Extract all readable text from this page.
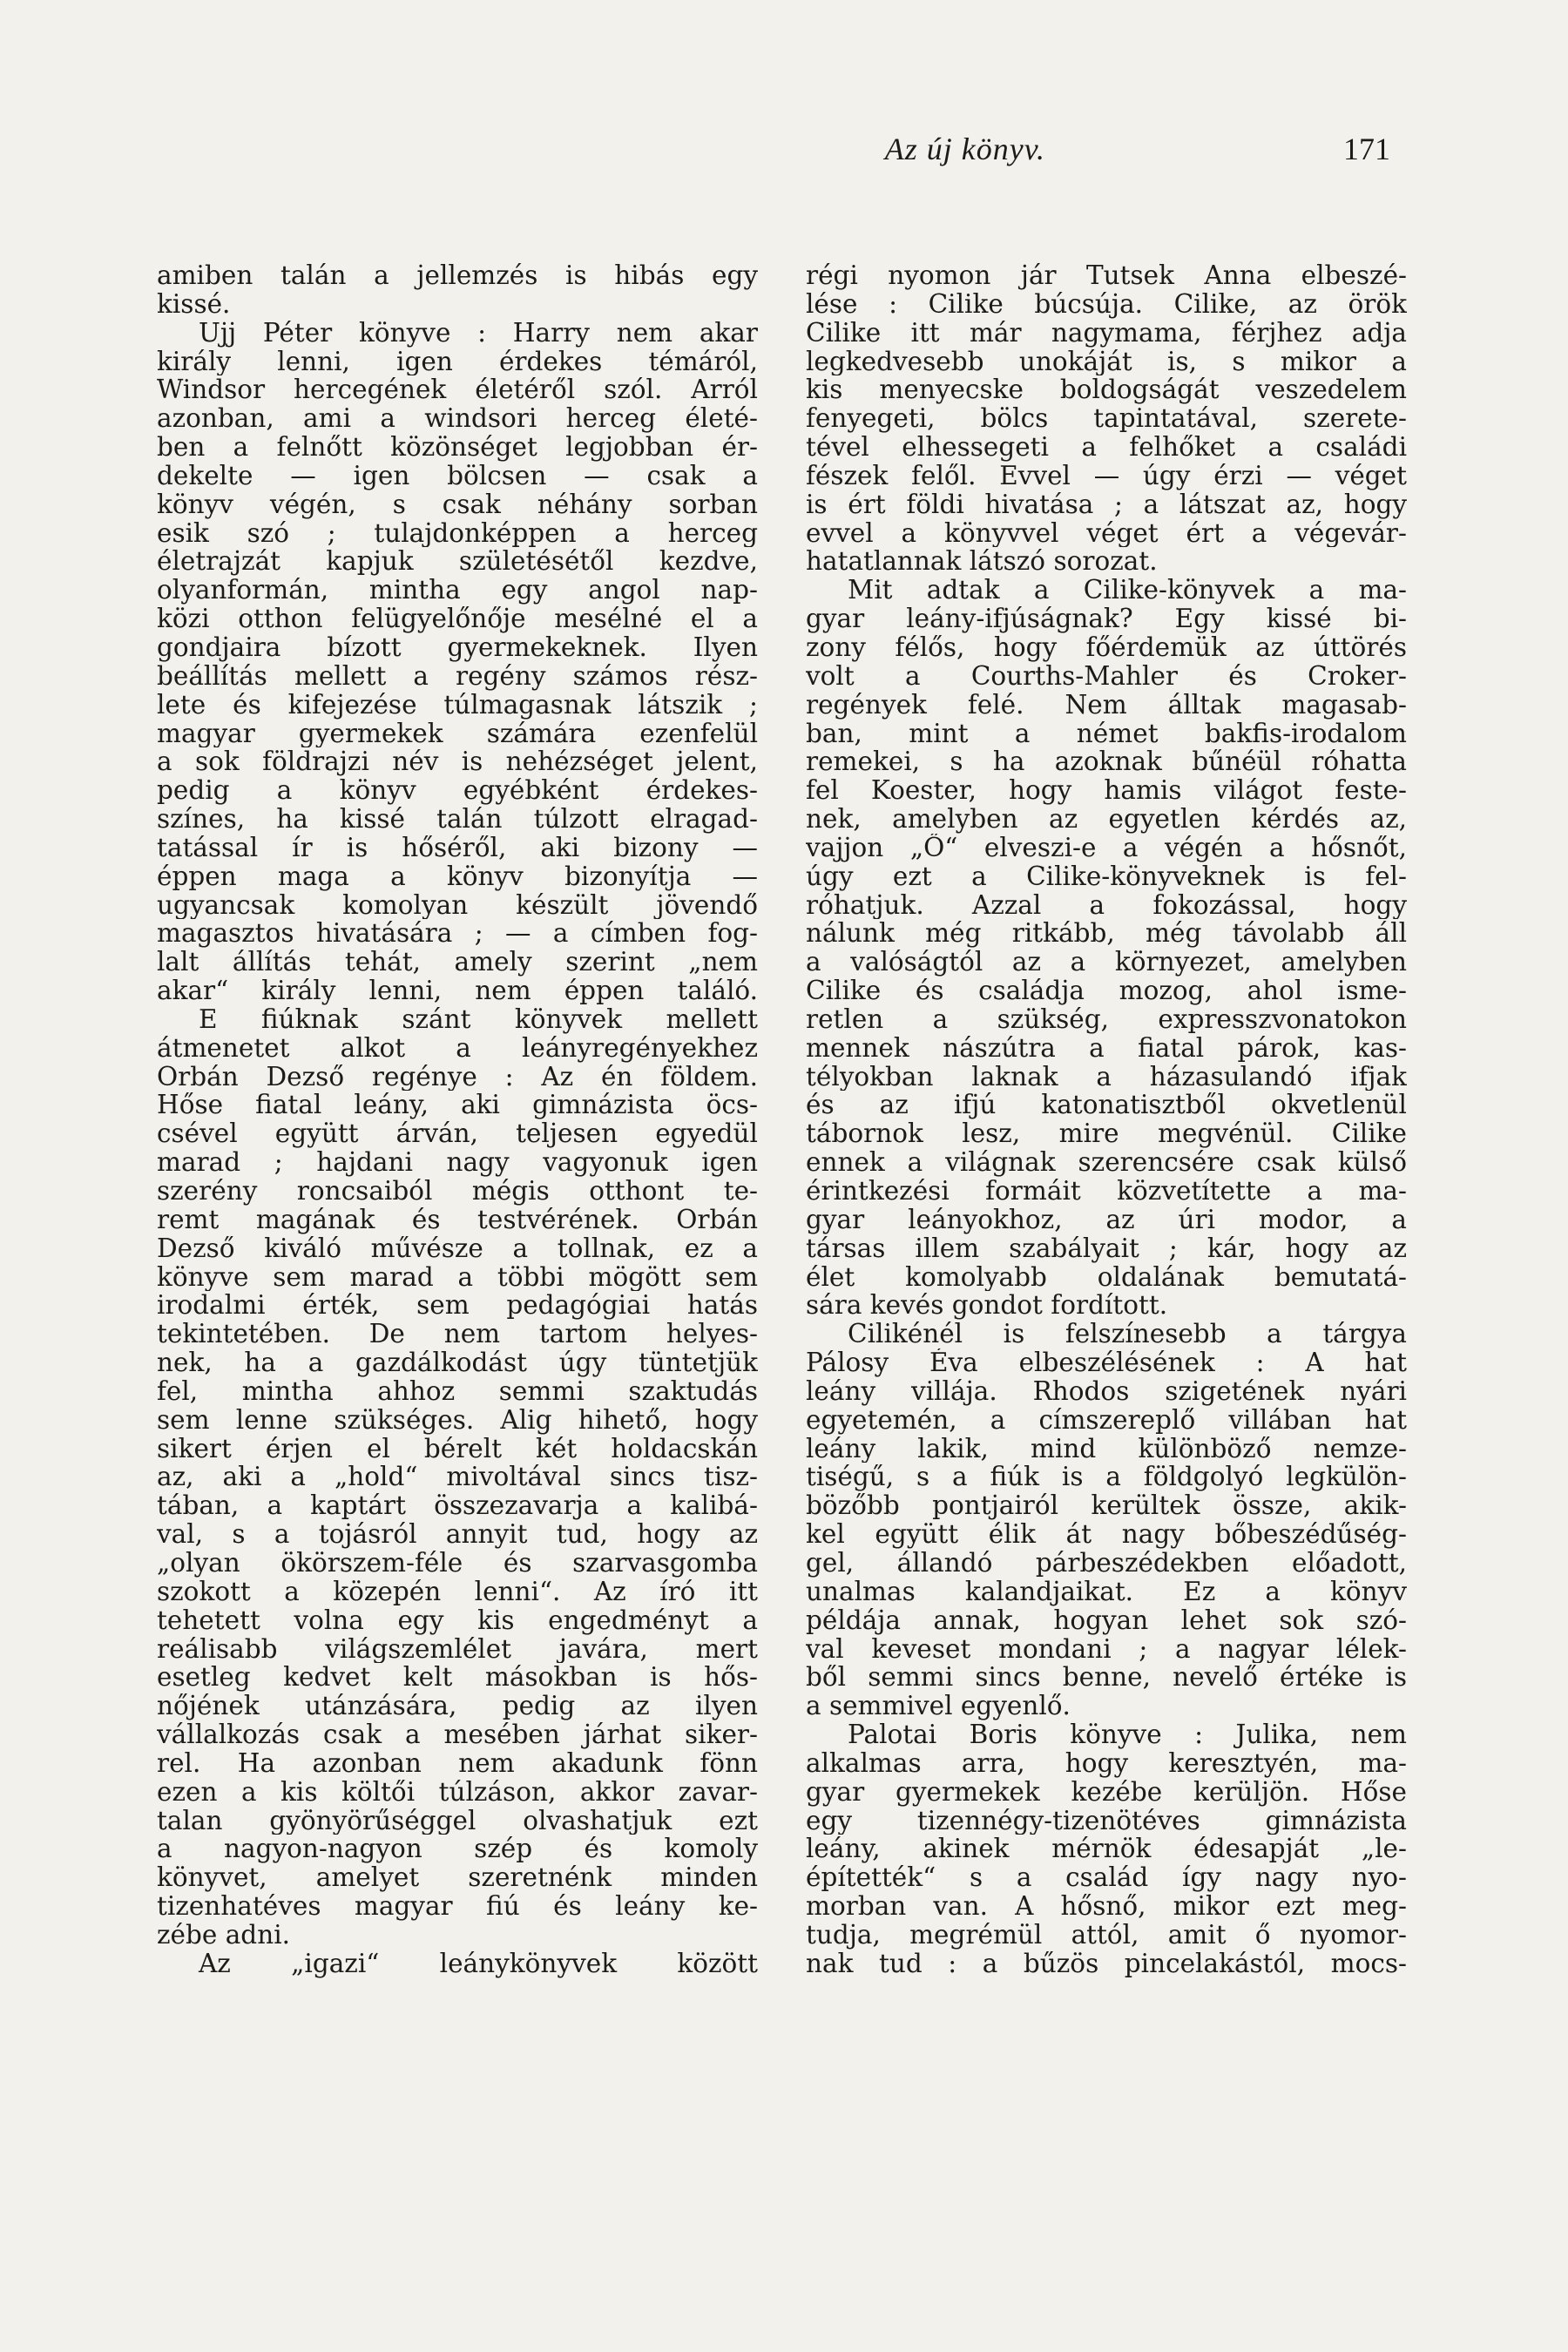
Az új könyv.	171
amiben talán a jellemzés is hibás egy
kissé.
Ujj Péter könyve : Harry nem akar
király lenni, igen érdekes témáról,
Windsor hercegének életéről szól. Arról
azonban, ami a windsori herceg életé-
ben a felnőtt közönséget legjobban ér-
dekelte — igen bölcsen — csak a
könyv végén, s csak néhány sorban
esik szó ; tulajdonképpen a herceg
életrajzát kapjuk születésétől kezdve,
olyanformán, mintha egy angol nap-
közi otthon felügyelőnője mesélné el a
gondjaira bízott gyermekeknek. Ilyen
beállítás mellett a regény számos rész-
lete és kifejezése túlmagasnak látszik ;
magyar gyermekek számára ezenfelül
a sok földrajzi név is nehézséget jelent,
pedig a könyv egyébként érdekes-
színes, ha kissé talán túlzott elragad-
tatással ír is hőséről, aki bizony —
éppen maga a könyv bizonyítja —
ugyancsak komolyan készült jövendő
magasztos hivatására ; — a címben fog-
lalt állítás tehát, amely szerint „nem
akar“ király lenni, nem éppen találó.
E fiúknak szánt könyvek mellett
átmenetet alkot a leányregényekhez
Orbán Dezső regénye : Az én földem.
Hőse fiatal leány, aki gimnázista öcs-
csével együtt árván, teljesen egyedül
marad ; hajdani nagy vagyonuk igen
szerény roncsaiból mégis otthont te-
remt magának és testvérének. Orbán
Dezső kiváló művésze a tollnak, ez a
könyve sem marad a többi mögött sem
irodalmi érték, sem pedagógiai hatás
tekintetében. De nem tartom helyes-
nek, ha a gazdálkodást úgy tüntetjük
fel, mintha ahhoz semmi szaktudás
sem lenne szükséges. Alig hihető, hogy
sikert érjen el bérelt két holdacskán
az, aki a „hold“ mivoltával sincs tisz-
tában, a kaptárt összezavarja a kalibá-
val, s a tojásról annyit tud, hogy az
„olyan ökörszem-féle és szarvasgomba
szokott a közepén lenni“. Az író itt
tehetett volna egy kis engedményt a
reálisabb világszemlélet javára, mert
esetleg kedvet kelt másokban is hős-
nőjének utánzására, pedig az ilyen
vállalkozás csak a mesében járhat siker-
rel. Ha azonban nem akadunk fönn
ezen a kis költői túlzáson, akkor zavar-
talan gyönyörűséggel olvashatjuk ezt
a nagyon-nagyon szép és komoly
könyvet, amelyet szeretnénk minden
tizenhatéves magyar fiú és leány ke-
zébe adni.
Az „igazi“ leánykönyvek között
régi nyomon jár Tutsek Anna elbeszé-
lése : Cilike búcsúja. Cilike, az örök
Cilike itt már nagymama, férjhez adja
legkedvesebb unokáját is, s mikor a
kis menyecske boldogságát veszedelem
fenyegeti, bölcs tapintatával, szerete-
tével elhessegeti a felhőket a családi
fészek felől. Evvel — úgy érzi — véget
is ért földi hivatása ; a látszat az, hogy
evvel a könyvvel véget ért a végevár-
hatatlannak látszó sorozat.
Mit adtak a Cilike-könyvek a ma-
gyar leány-ifjúságnak? Egy kissé bi-
zony félős, hogy főérdemük az úttörés
volt a Courths-Mahler és Croker-
regények felé. Nem álltak magasab-
ban, mint a német bakfis-irodalom
remekei, s ha azoknak bűnéül róhatta
fel Koester, hogy hamis világot feste-
nek, amelyben az egyetlen kérdés az,
vajjon „Ő“ elveszi-e a végén a hősnőt,
úgy ezt a Cilike-könyveknek is fel-
róhatjuk. Azzal a fokozással, hogy
nálunk még ritkább, még távolabb áll
a valóságtól az a környezet, amelyben
Cilike és családja mozog, ahol isme-
retlen a szükség, expresszvonatokon
mennek nászútra a fiatal párok, kas-
télyokban laknak a házasulandó ifjak
és az ifjú katonatisztből okvetlenül
tábornok lesz, mire megvénül. Cilike
ennek a világnak szerencsére csak külső
érintkezési formáit közvetítette a ma-
gyar leányokhoz, az úri modor, a
társas illem szabályait ; kár, hogy az
élet komolyabb oldalának bemutatá-
sára kevés gondot fordított.
Cilikénél is felszínesebb a tárgya
Pálosy Éva elbeszélésének : A hat
leány villája. Rhodos szigetének nyári
egyetemén, a címszereplő villában hat
leány lakik, mind különböző nemze-
tiségű, s a fiúk is a földgolyó legkülön-
bözőbb pontjairól kerültek össze, akik-
kel együtt élik át nagy bőbeszédűség-
gel, állandó párbeszédekben előadott,
unalmas kalandjaikat. Ez a könyv
példája annak, hogyan lehet sok szó-
val keveset mondani ; a nagyar lélek-
ből semmi sincs benne, nevelő értéke is
a semmivel egyenlő.
Palotai Boris könyve : Julika, nem
alkalmas arra, hogy keresztyén, ma-
gyar gyermekek kezébe kerüljön. Hőse
egy tizennégy-tizenötéves gimnázista
leány, akinek mérnök édesapját „le-
építették“ s a család így nagy nyo-
morban van. A hősnő, mikor ezt meg-
tudja, megrémül attól, amit ő nyomor-
nak tud : a bűzös pincelakástól, mocs-
